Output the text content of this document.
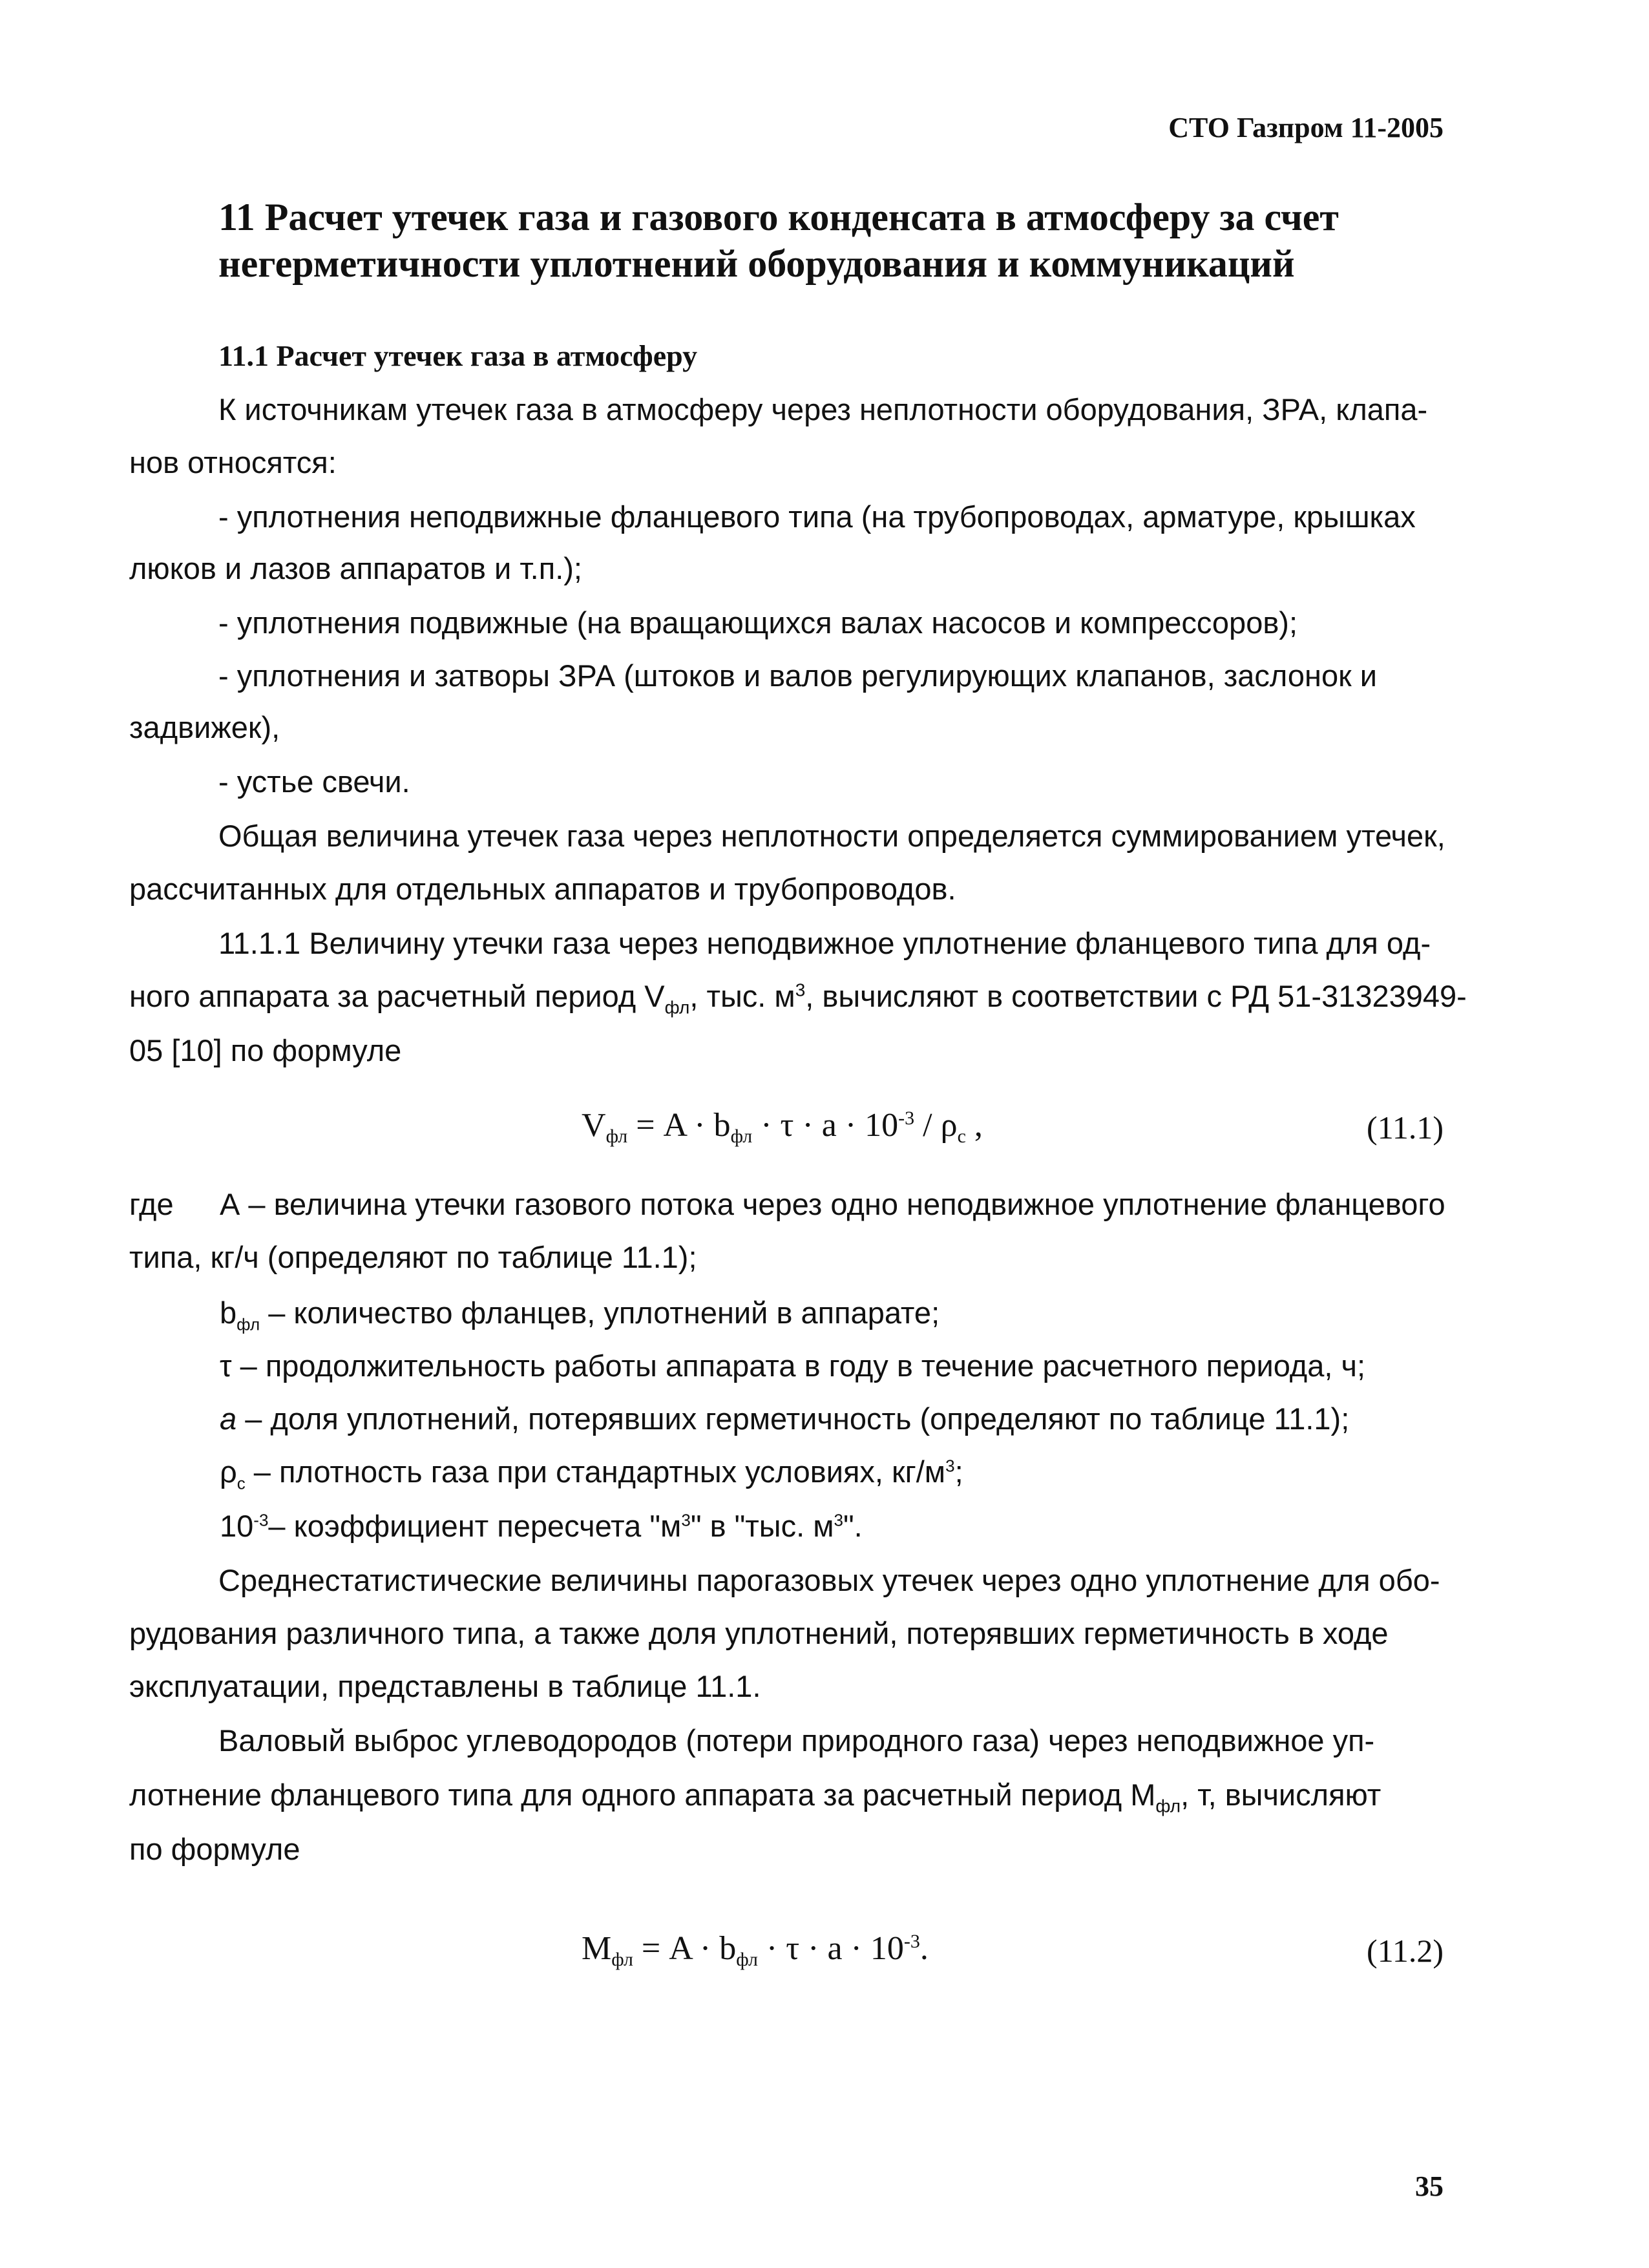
СТО Газпром 11-2005
11 Расчет утечек газа и газового конденсата в атмосферу за счет негерметичности уплотнений оборудования и коммуникаций
11.1 Расчет утечек газа в атмосферу
К источникам утечек газа в атмосферу через неплотности оборудования, ЗРА, клапа-
нов относятся:
- уплотнения неподвижные фланцевого типа (на трубопроводах, арматуре, крышках
люков и лазов аппаратов и т.п.);
- уплотнения подвижные (на вращающихся валах насосов и компрессоров);
- уплотнения и затворы ЗРА (штоков и валов регулирующих клапанов, заслонок и
задвижек),
- устье свечи.
Общая величина утечек газа через неплотности определяется суммированием утечек,
рассчитанных для отдельных аппаратов и трубопроводов.
11.1.1 Величину утечки газа через неподвижное уплотнение фланцевого типа для од-
ного аппарата за расчетный период $V_{фл}$, тыс. $м^3$, вычисляют в соответствии с РД 51-31323949-
05 [10] по формуле
$V_{фл} = A \cdot b_{фл} \cdot \tau \cdot a \cdot 10^{-3} / \rho_с$ ,	(11.1)
где А – величина утечки газового потока через одно неподвижное уплотнение фланцевого
типа, кг/ч (определяют по таблице 11.1);
$b_{фл}$ – количество фланцев, уплотнений в аппарате;
τ – продолжительность работы аппарата в году в течение расчетного периода, ч;
а – доля уплотнений, потерявших герметичность (определяют по таблице 11.1);
$\rho_с$ – плотность газа при стандартных условиях, $кг/м^3$;
$10^{-3}-$ коэффициент пересчета "$м^3$" в "тыс. $м^3$".
Среднестатистические величины парогазовых утечек через одно уплотнение для обо-
рудования различного типа, а также доля уплотнений, потерявших герметичность в ходе
эксплуатации, представлены в таблице 11.1.
Валовый выброс углеводородов (потери природного газа) через неподвижное уп-
лотнение фланцевого типа для одного аппарата за расчетный период $М_{фл}$, т, вычисляют
по формуле
$M_{фл} = A \cdot b_{фл} \cdot \tau \cdot a \cdot 10^{-3}$.	(11.2)
35
